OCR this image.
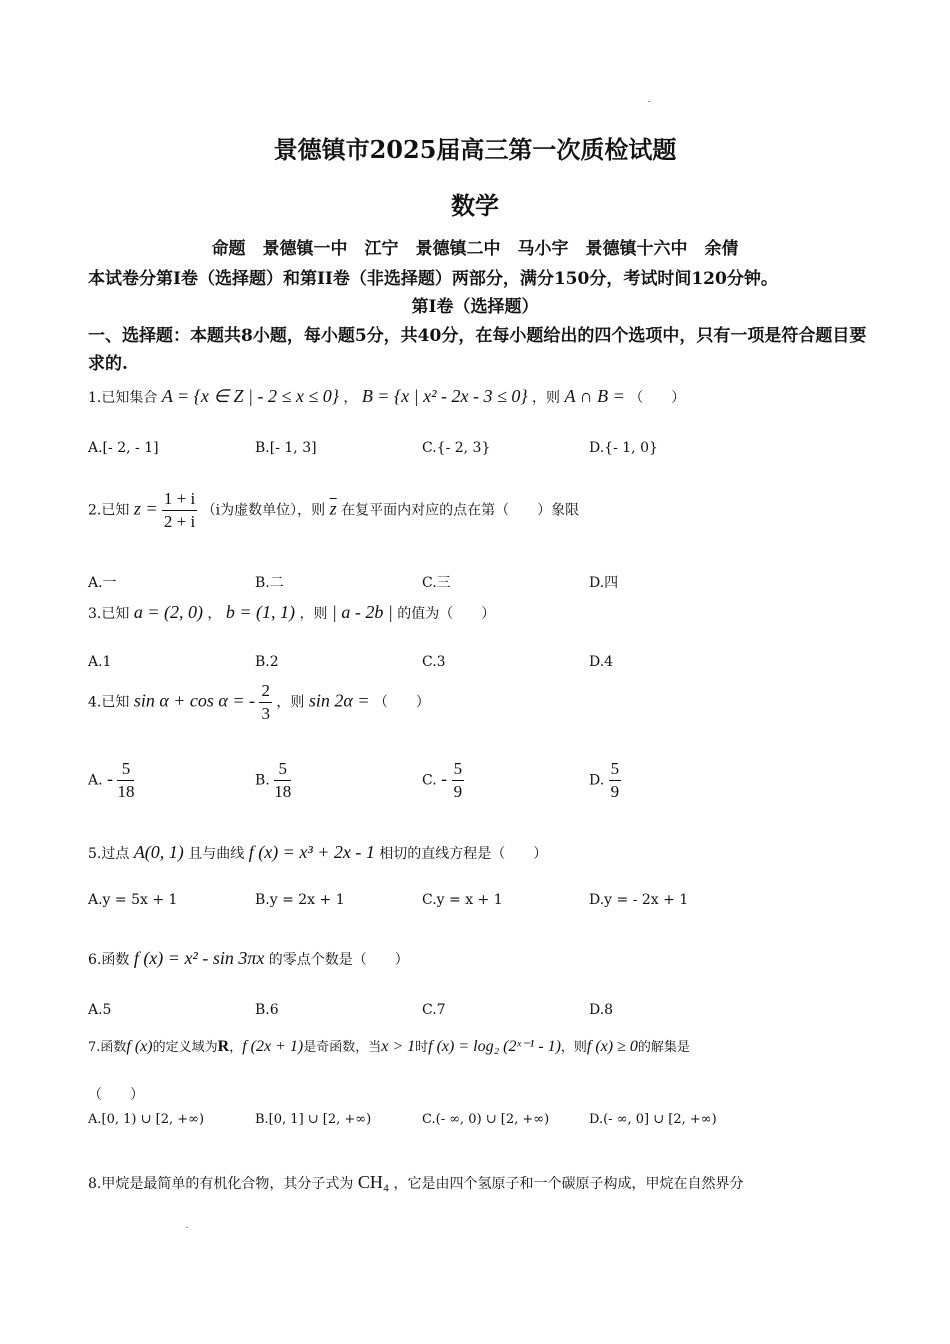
景德镇市2025届高三第一次质检试题
数学
命题　景德镇一中　江宁　景德镇二中　马小宇　景德镇十六中　余倩
本试卷分第I卷（选择题）和第II卷（非选择题）两部分，满分150分，考试时间120分钟。
第I卷（选择题）
一、选择题：本题共8小题，每小题5分，共40分，在每小题给出的四个选项中，只有一项是符合题目要求的.
1.已知集合 A = {x ∈ Z | - 2 ≤ x ≤ 0} ， B = {x | x² - 2x - 3 ≤ 0} ，则 A ∩ B = （　　）
A.[- 2, - 1]	B.[- 1, 3]	C.{- 2, 3}	D.{- 1, 0}
2.已知 $z = \frac{1 + i}{2 + i} (i$为虚数单位），则 $\overline{z}$ 在复平面内对应的点在第（　　）象限
A.一	B.二	C.三	D.四
3.已知 a = (2, 0) ， b = (1, 1) ，则 | a - 2b | 的值为（　　）
A.1	B.2	C.3	D.4
4.已知 sin α + cos α = - $\frac{2}{3}$ ，则 sin 2α = （　　）
A. - $\frac{5}{18}$	B. $\frac{5}{18}$	C. - $\frac{5}{9}$	D. $\frac{5}{9}$
5.过点 A(0, 1) 且与曲线 f (x) = x³ + 2x - 1 相切的直线方程是（　　）
A.y = 5x + 1	B.y = 2x + 1	C.y = x + 1	D.y = - 2x + 1
6.函数 f (x) = x² - sin 3πx 的零点个数是（　　）
A.5	B.6	C.7	D.8
7.函数f (x)的定义域为R，f (2x + 1)是奇函数，当x > 1时f (x) = log₂ (2ˣ⁻¹ - 1)，则f (x) ≥ 0的解集是
（　　）
A.[0, 1) ∪ [2, +∞)	B.[0, 1] ∪ [2, +∞)	C.(- ∞, 0) ∪ [2, +∞)	D.(- ∞, 0] ∪ [2, +∞)
8.甲烷是最简单的有机化合物，其分子式为 CH₄ ，它是由四个氢原子和一个碳原子构成，甲烷在自然界分
